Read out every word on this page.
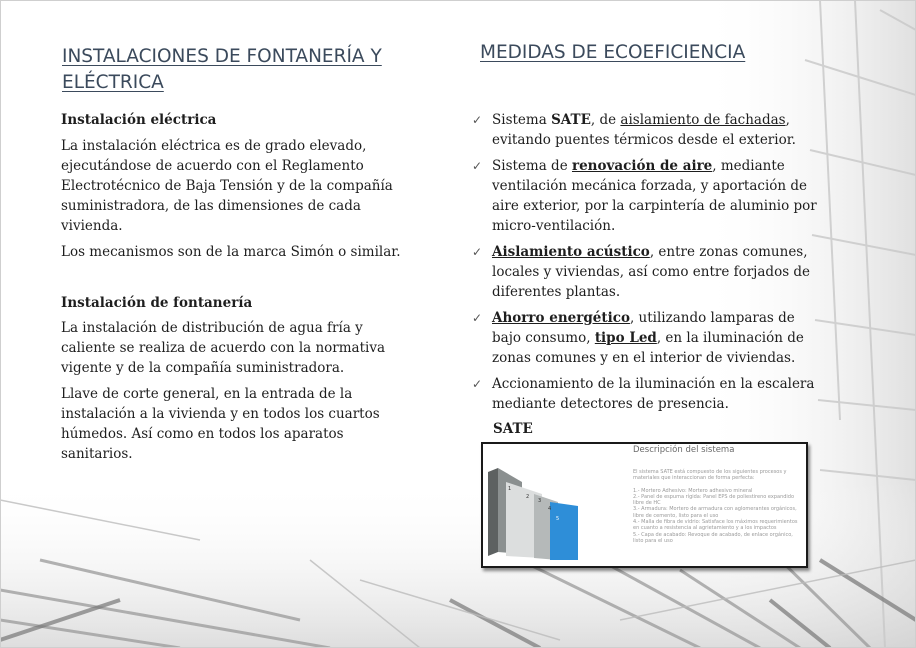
INSTALACIONES DE FONTANERÍA Y ELÉCTRICA
Instalación eléctrica

La instalación eléctrica es de grado elevado, ejecutándose de acuerdo con el Reglamento Electrotécnico de Baja Tensión y de la compañía suministradora, de las dimensiones de cada vivienda.

Los mecanismos son de la marca Simón o similar.

Instalación de fontanería

La instalación de distribución de agua fría y caliente se realiza de acuerdo con la normativa vigente y de la compañía suministradora.

Llave de corte general, en la entrada de la instalación a la vivienda y en todos los cuartos húmedos. Así como en todos los aparatos sanitarios.

MEDIDAS DE ECOEFICIENCIA
✓ Sistema SATE, de aislamiento de fachadas, evitando puentes térmicos desde el exterior.
✓ Sistema de renovación de aire, mediante ventilación mecánica forzada, y aportación de aire exterior, por la carpintería de aluminio por micro-ventilación.
✓ Aislamiento acústico, entre zonas comunes, locales y viviendas, así como entre forjados de diferentes plantas.
✓ Ahorro energético, utilizando lamparas de bajo consumo, tipo Led, en la iluminación de zonas comunes y en el interior de viviendas.
✓ Accionamiento de la iluminación en la escalera mediante detectores de presencia.
SATE
1
2
3
4
5
Descripción del sistema
El sistema SATE está compuesto de los siguientes procesos y materiales que interaccionan de forma perfecta:
1.- Mortero Adhesivo: Mortero adhesivo mineral
2.- Panel de espuma rígida: Panel EPS de poliestireno expandido libre de HC
3.- Armadura: Mortero de armadura con aglomerantes orgánicos, libre de cemento, listo para el uso
4.- Malla de fibra de vidrio: Satisface los máximos requerimientos en cuanto a resistencia al agrietamiento y a los impactos
5.- Capa de acabado: Revoque de acabado, de enlace orgánico, listo para el uso
